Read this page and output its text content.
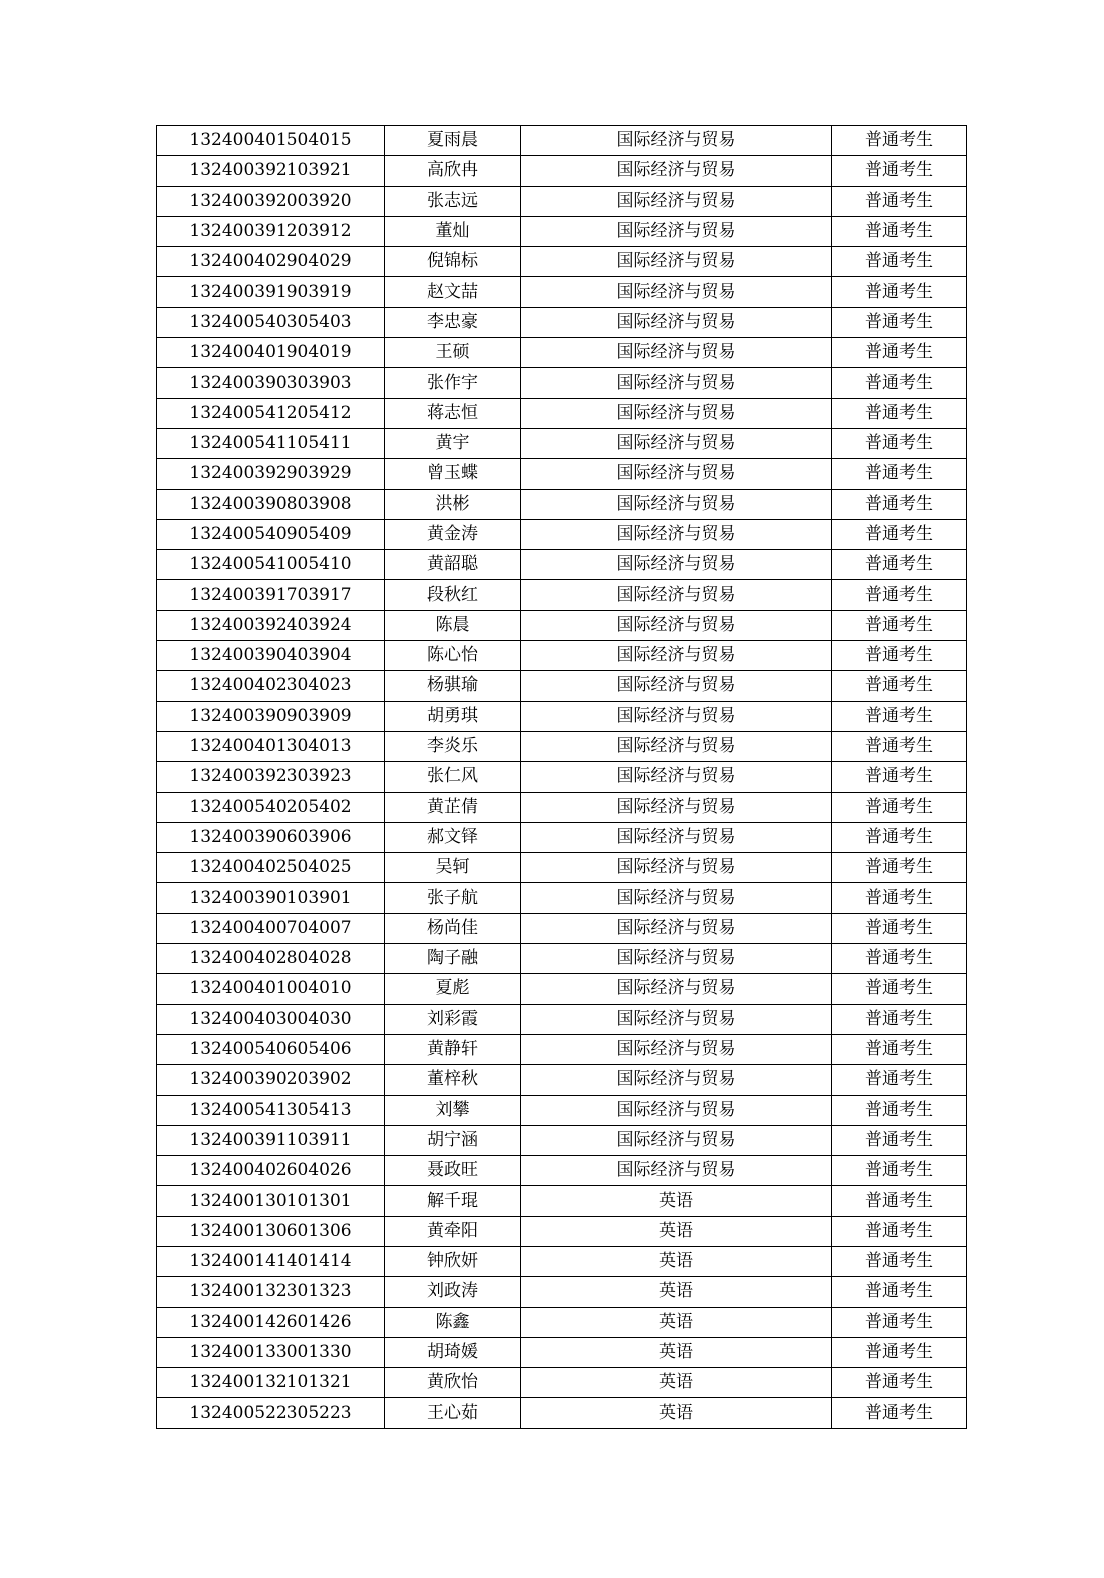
132400401504015	夏雨晨	国际经济与贸易	普通考生
132400392103921	高欣冉	国际经济与贸易	普通考生
132400392003920	张志远	国际经济与贸易	普通考生
132400391203912	董灿	国际经济与贸易	普通考生
132400402904029	倪锦标	国际经济与贸易	普通考生
132400391903919	赵文喆	国际经济与贸易	普通考生
132400540305403	李忠豪	国际经济与贸易	普通考生
132400401904019	王硕	国际经济与贸易	普通考生
132400390303903	张作宇	国际经济与贸易	普通考生
132400541205412	蒋志恒	国际经济与贸易	普通考生
132400541105411	黄宇	国际经济与贸易	普通考生
132400392903929	曾玉蝶	国际经济与贸易	普通考生
132400390803908	洪彬	国际经济与贸易	普通考生
132400540905409	黄金涛	国际经济与贸易	普通考生
132400541005410	黄韶聪	国际经济与贸易	普通考生
132400391703917	段秋红	国际经济与贸易	普通考生
132400392403924	陈晨	国际经济与贸易	普通考生
132400390403904	陈心怡	国际经济与贸易	普通考生
132400402304023	杨骐瑜	国际经济与贸易	普通考生
132400390903909	胡勇琪	国际经济与贸易	普通考生
132400401304013	李炎乐	国际经济与贸易	普通考生
132400392303923	张仁风	国际经济与贸易	普通考生
132400540205402	黄芷倩	国际经济与贸易	普通考生
132400390603906	郝文铎	国际经济与贸易	普通考生
132400402504025	吴轲	国际经济与贸易	普通考生
132400390103901	张子航	国际经济与贸易	普通考生
132400400704007	杨尚佳	国际经济与贸易	普通考生
132400402804028	陶子融	国际经济与贸易	普通考生
132400401004010	夏彪	国际经济与贸易	普通考生
132400403004030	刘彩霞	国际经济与贸易	普通考生
132400540605406	黄静轩	国际经济与贸易	普通考生
132400390203902	董梓秋	国际经济与贸易	普通考生
132400541305413	刘攀	国际经济与贸易	普通考生
132400391103911	胡宁涵	国际经济与贸易	普通考生
132400402604026	聂政旺	国际经济与贸易	普通考生
132400130101301	解千琨	英语	普通考生
132400130601306	黄牵阳	英语	普通考生
132400141401414	钟欣妍	英语	普通考生
132400132301323	刘政涛	英语	普通考生
132400142601426	陈鑫	英语	普通考生
132400133001330	胡琦媛	英语	普通考生
132400132101321	黄欣怡	英语	普通考生
132400522305223	王心茹	英语	普通考生
